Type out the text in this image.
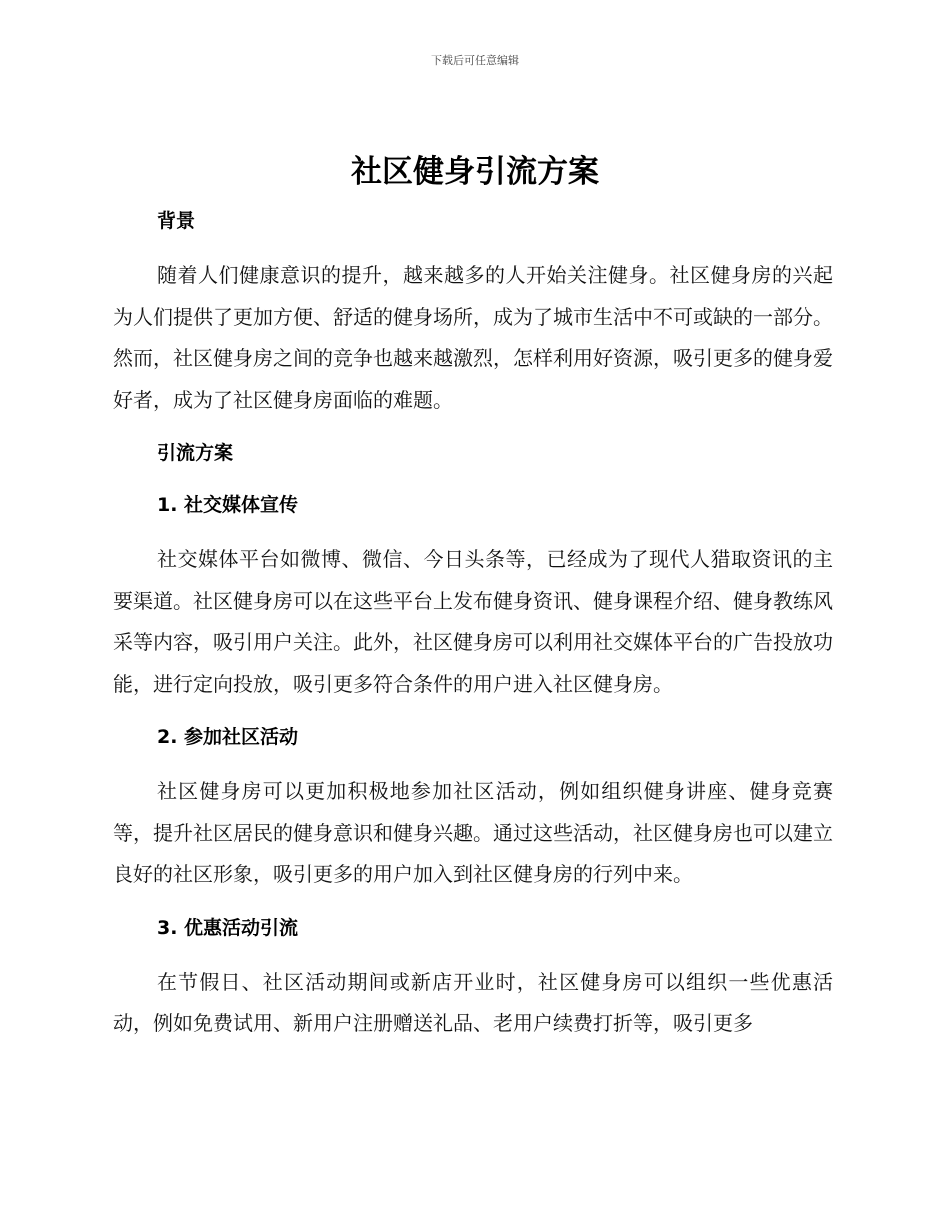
下载后可任意编辑
社区健身引流方案
背景

随着人们健康意识的提升，越来越多的人开始关注健身。社区健身房的兴起为人们提供了更加方便、舒适的健身场所，成为了城市生活中不可或缺的一部分。然而，社区健身房之间的竞争也越来越激烈，怎样利用好资源，吸引更多的健身爱好者，成为了社区健身房面临的难题。

引流方案
1. 社交媒体宣传

社交媒体平台如微博、微信、今日头条等，已经成为了现代人猎取资讯的主要渠道。社区健身房可以在这些平台上发布健身资讯、健身课程介绍、健身教练风采等内容，吸引用户关注。此外，社区健身房可以利用社交媒体平台的广告投放功能，进行定向投放，吸引更多符合条件的用户进入社区健身房。

2. 参加社区活动

社区健身房可以更加积极地参加社区活动，例如组织健身讲座、健身竞赛等，提升社区居民的健身意识和健身兴趣。通过这些活动，社区健身房也可以建立良好的社区形象，吸引更多的用户加入到社区健身房的行列中来。

3. 优惠活动引流

在节假日、社区活动期间或新店开业时，社区健身房可以组织一些优惠活动，例如免费试用、新用户注册赠送礼品、老用户续费打折等，吸引更多
